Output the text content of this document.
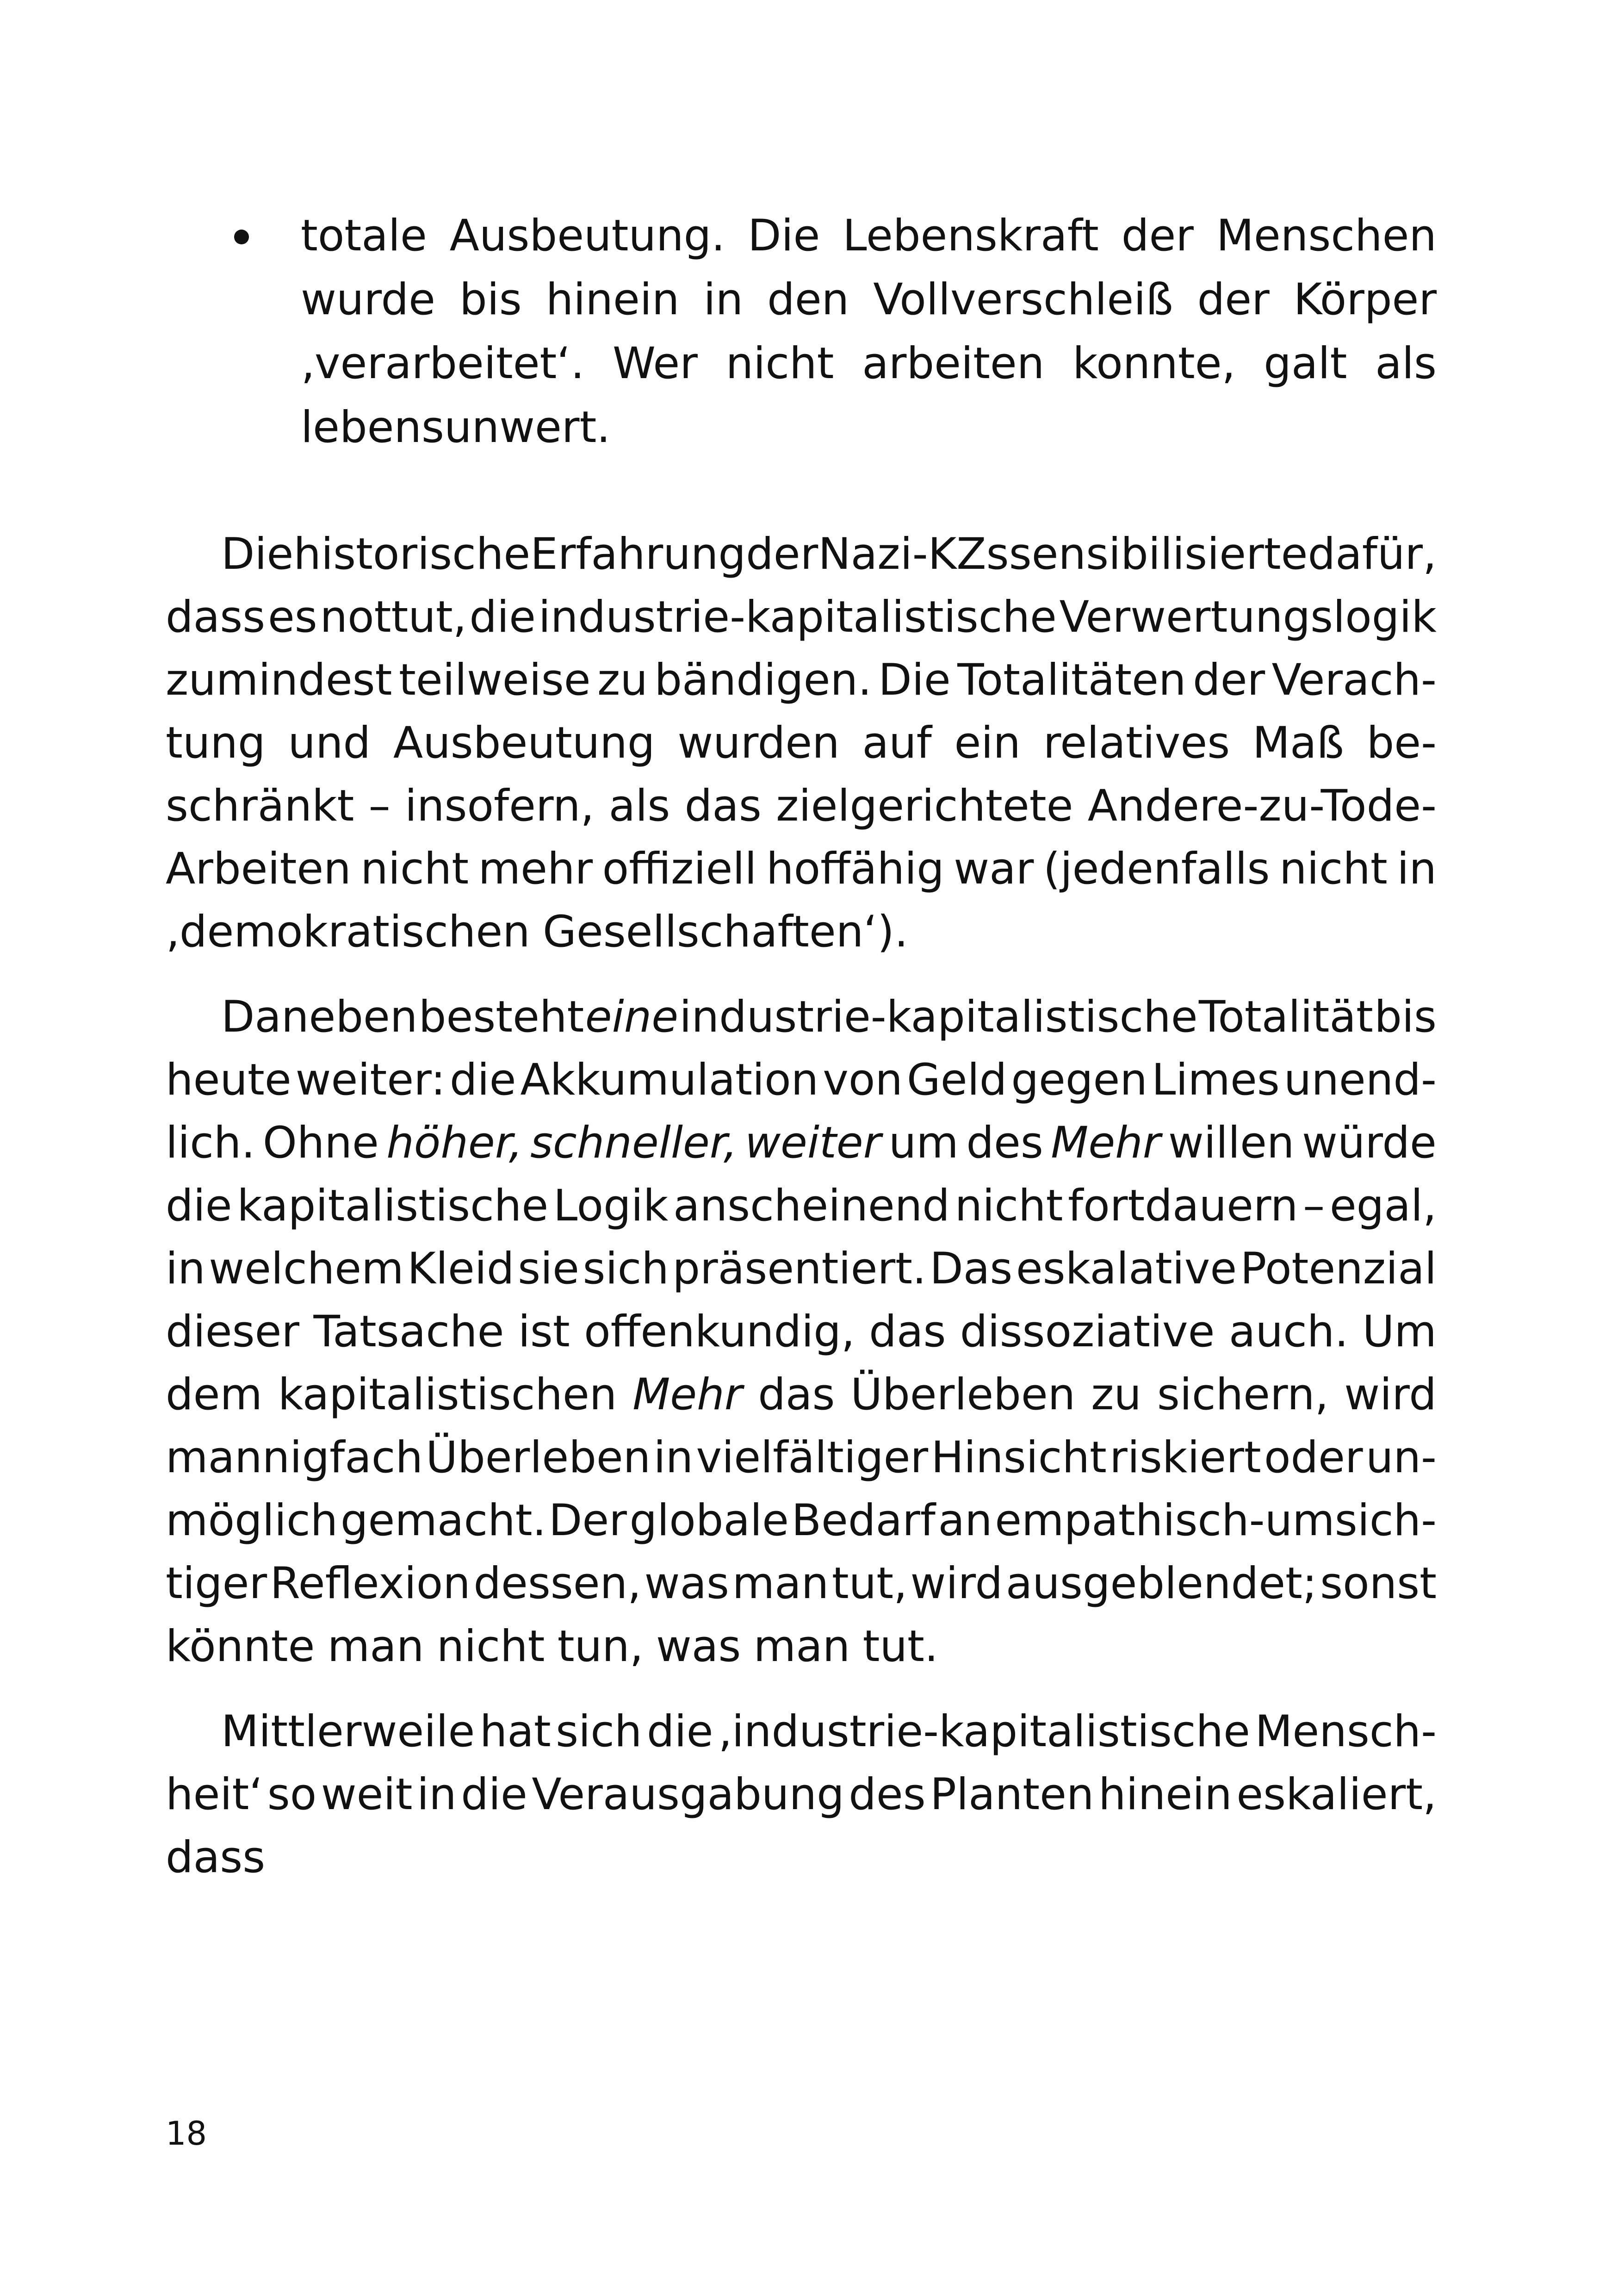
totale Ausbeutung. Die Lebenskraft der Menschen
wurde bis hinein in den Vollverschleiß der Körper
‚verarbeitet‘. Wer nicht arbeiten konnte, galt als
lebensunwert.
Die historische Erfahrung der Nazi-KZs sensibilisierte dafür,
dass es nottut, die industrie-kapitalistische Verwertungslogik
zumindest teilweise zu bändigen. Die Totalitäten der Verach-
tung und Ausbeutung wurden auf ein relatives Maß be-
schränkt – insofern, als das zielgerichtete Andere-zu-Tode-
Arbeiten nicht mehr offiziell hoffähig war (jedenfalls nicht in
‚demokratischen Gesellschaften‘).
Daneben besteht eine industrie-kapitalistische Totalität bis
heute weiter: die Akkumulation von Geld gegen Limes unend-
lich. Ohne höher, schneller, weiter um des Mehr willen würde
die kapitalistische Logik anscheinend nicht fortdauern – egal,
in welchem Kleid sie sich präsentiert. Das eskalative Potenzial
dieser Tatsache ist offenkundig, das dissoziative auch. Um
dem kapitalistischen Mehr das Überleben zu sichern, wird
mannigfach Überleben in vielfältiger Hinsicht riskiert oder un-
möglich gemacht. Der globale Bedarf an empathisch-umsich-
tiger Reflexion dessen, was man tut, wird ausgeblendet; sonst
könnte man nicht tun, was man tut.
Mittlerweile hat sich die ‚industrie-kapitalistische Mensch-
heit‘ so weit in die Verausgabung des Planten hinein eskaliert,
dass
18
